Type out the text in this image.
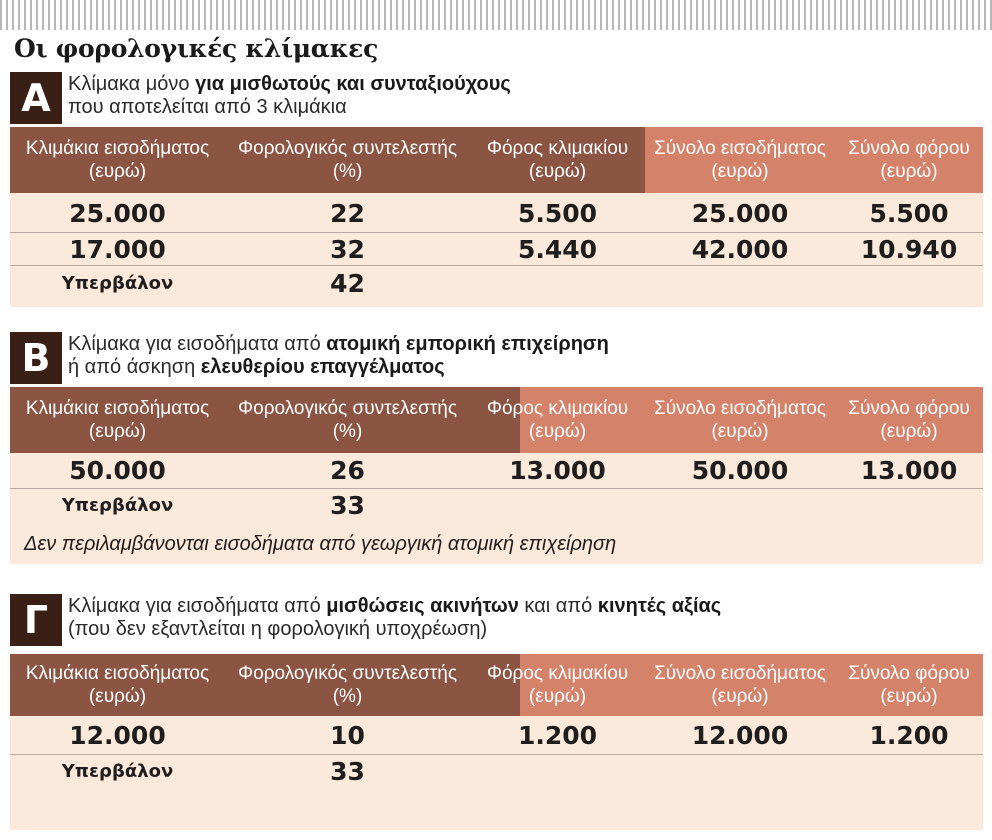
Οι φορολογικές κλίμακες
Α Κλίμακα μόνο για μισθωτούς και συνταξιούχους
που αποτελείται από 3 κλιμάκια
Κλιμάκια εισοδήματος
(ευρώ)
Φορολογικός συντελεστής
(%)
Φόρος κλιμακίου
(ευρώ)
Σύνολο εισοδήματος
(ευρώ)
Σύνολο φόρου
(ευρώ)
25.000	22	5.500	25.000	5.500
17.000	32	5.440	42.000	10.940
Υπερβάλον	42
Β Κλίμακα για εισοδήματα από ατομική εμπορική επιχείρηση
ή από άσκηση ελευθερίου επαγγέλματος
Κλιμάκια εισοδήματος
(ευρώ)
Φορολογικός συντελεστής
(%)
Φόρος κλιμακίου
(ευρώ)
Σύνολο εισοδήματος
(ευρώ)
Σύνολο φόρου
(ευρώ)
50.000	26	13.000	50.000	13.000
Υπερβάλον	33
Δεν περιλαμβάνονται εισοδήματα από γεωργική ατομική επιχείρηση
Γ Κλίμακα για εισοδήματα από μισθώσεις ακινήτων και από κινητές αξίας
(που δεν εξαντλείται η φορολογική υποχρέωση)
Κλιμάκια εισοδήματος
(ευρώ)
Φορολογικός συντελεστής
(%)
Φόρος κλιμακίου
(ευρώ)
Σύνολο εισοδήματος
(ευρώ)
Σύνολο φόρου
(ευρώ)
12.000	10	1.200	12.000	1.200
Υπερβάλον	33
